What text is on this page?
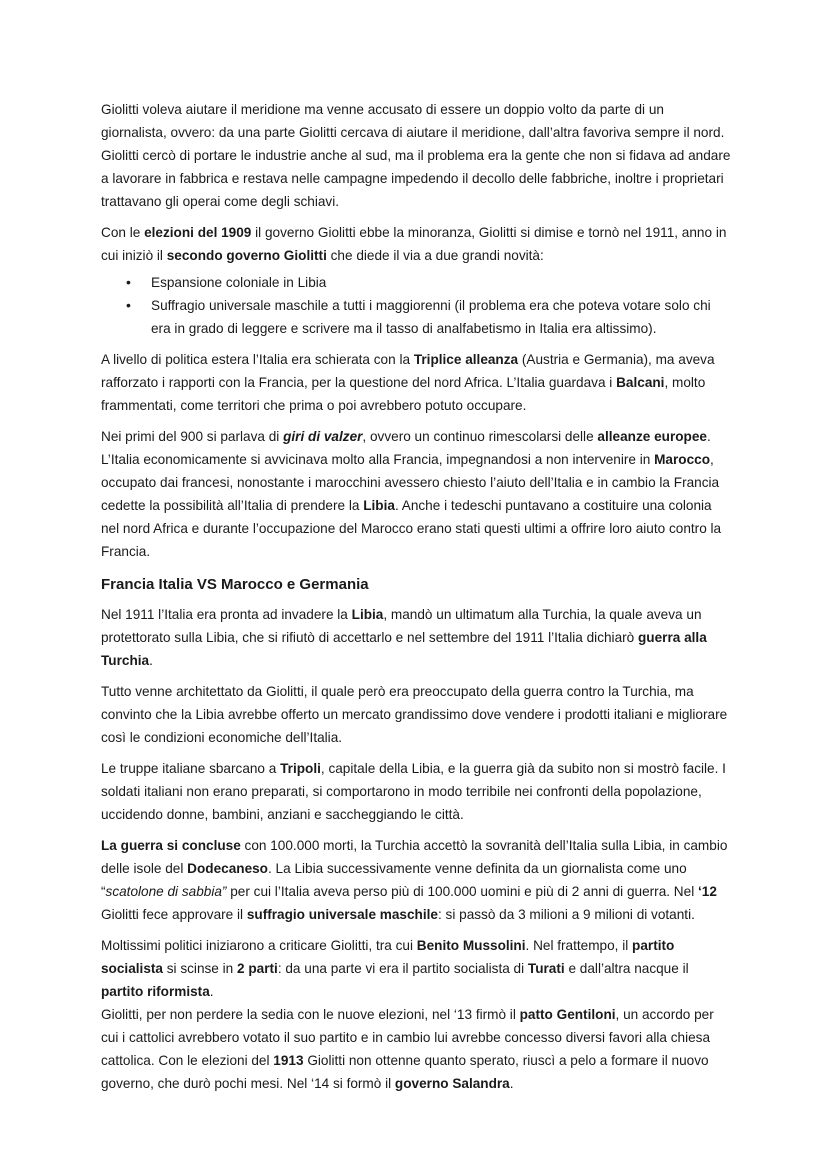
Giolitti voleva aiutare il meridione ma venne accusato di essere un doppio volto da parte di un giornalista, ovvero: da una parte Giolitti cercava di aiutare il meridione, dall’altra favoriva sempre il nord. Giolitti cercò di portare le industrie anche al sud, ma il problema era la gente che non si fidava ad andare a lavorare in fabbrica e restava nelle campagne impedendo il decollo delle fabbriche, inoltre i proprietari trattavano gli operai come degli schiavi.

Con le elezioni del 1909 il governo Giolitti ebbe la minoranza, Giolitti si dimise e tornò nel 1911, anno in cui iniziò il secondo governo Giolitti che diede il via a due grandi novità:

• Espansione coloniale in Libia
• Suffragio universale maschile a tutti i maggiorenni (il problema era che poteva votare solo chi era in grado di leggere e scrivere ma il tasso di analfabetismo in Italia era altissimo).

A livello di politica estera l’Italia era schierata con la Triplice alleanza (Austria e Germania), ma aveva rafforzato i rapporti con la Francia, per la questione del nord Africa. L’Italia guardava i Balcani, molto frammentati, come territori che prima o poi avrebbero potuto occupare.

Nei primi del 900 si parlava di giri di valzer, ovvero un continuo rimescolarsi delle alleanze europee. L’Italia economicamente si avvicinava molto alla Francia, impegnandosi a non intervenire in Marocco, occupato dai francesi, nonostante i marocchini avessero chiesto l’aiuto dell’Italia e in cambio la Francia cedette la possibilità all’Italia di prendere la Libia. Anche i tedeschi puntavano a costituire una colonia nel nord Africa e durante l’occupazione del Marocco erano stati questi ultimi a offrire loro aiuto contro la Francia.

Francia Italia VS Marocco e Germania

Nel 1911 l’Italia era pronta ad invadere la Libia, mandò un ultimatum alla Turchia, la quale aveva un protettorato sulla Libia, che si rifiutò di accettarlo e nel settembre del 1911 l’Italia dichiarò guerra alla Turchia.

Tutto venne architettato da Giolitti, il quale però era preoccupato della guerra contro la Turchia, ma convinto che la Libia avrebbe offerto un mercato grandissimo dove vendere i prodotti italiani e migliorare così le condizioni economiche dell’Italia.

Le truppe italiane sbarcano a Tripoli, capitale della Libia, e la guerra già da subito non si mostrò facile. I soldati italiani non erano preparati, si comportarono in modo terribile nei confronti della popolazione, uccidendo donne, bambini, anziani e saccheggiando le città.

La guerra si concluse con 100.000 morti, la Turchia accettò la sovranità dell’Italia sulla Libia, in cambio delle isole del Dodecaneso. La Libia successivamente venne definita da un giornalista come uno “scatolone di sabbia” per cui l’Italia aveva perso più di 100.000 uomini e più di 2 anni di guerra. Nel ‘12 Giolitti fece approvare il suffragio universale maschile: si passò da 3 milioni a 9 milioni di votanti.

Moltissimi politici iniziarono a criticare Giolitti, tra cui Benito Mussolini. Nel frattempo, il partito socialista si scinse in 2 parti: da una parte vi era il partito socialista di Turati e dall’altra nacque il partito riformista.

Giolitti, per non perdere la sedia con le nuove elezioni, nel ‘13 firmò il patto Gentiloni, un accordo per cui i cattolici avrebbero votato il suo partito e in cambio lui avrebbe concesso diversi favori alla chiesa cattolica. Con le elezioni del 1913 Giolitti non ottenne quanto sperato, riuscì a pelo a formare il nuovo governo, che durò pochi mesi. Nel ‘14 si formò il governo Salandra.
